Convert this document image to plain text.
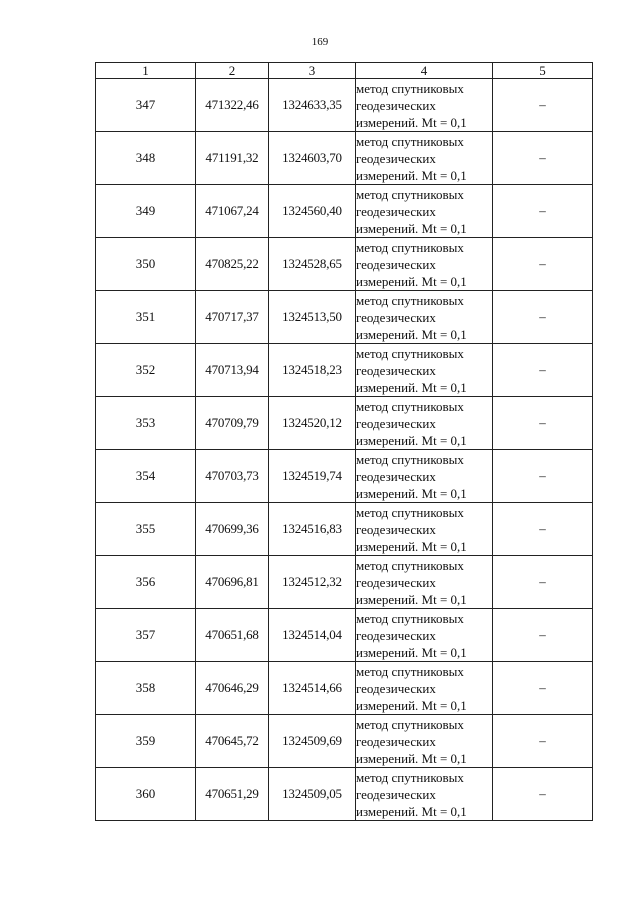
169
1	2	3	4	5
347	471322,46	1324633,35	метод спутниковых
геодезических
измерений. Mt = 0,1	–
348	471191,32	1324603,70	метод спутниковых
геодезических
измерений. Mt = 0,1	–
349	471067,24	1324560,40	метод спутниковых
геодезических
измерений. Mt = 0,1	–
350	470825,22	1324528,65	метод спутниковых
геодезических
измерений. Mt = 0,1	–
351	470717,37	1324513,50	метод спутниковых
геодезических
измерений. Mt = 0,1	–
352	470713,94	1324518,23	метод спутниковых
геодезических
измерений. Mt = 0,1	–
353	470709,79	1324520,12	метод спутниковых
геодезических
измерений. Mt = 0,1	–
354	470703,73	1324519,74	метод спутниковых
геодезических
измерений. Mt = 0,1	–
355	470699,36	1324516,83	метод спутниковых
геодезических
измерений. Mt = 0,1	–
356	470696,81	1324512,32	метод спутниковых
геодезических
измерений. Mt = 0,1	–
357	470651,68	1324514,04	метод спутниковых
геодезических
измерений. Mt = 0,1	–
358	470646,29	1324514,66	метод спутниковых
геодезических
измерений. Mt = 0,1	–
359	470645,72	1324509,69	метод спутниковых
геодезических
измерений. Mt = 0,1	–
360	470651,29	1324509,05	метод спутниковых
геодезических
измерений. Mt = 0,1	–
